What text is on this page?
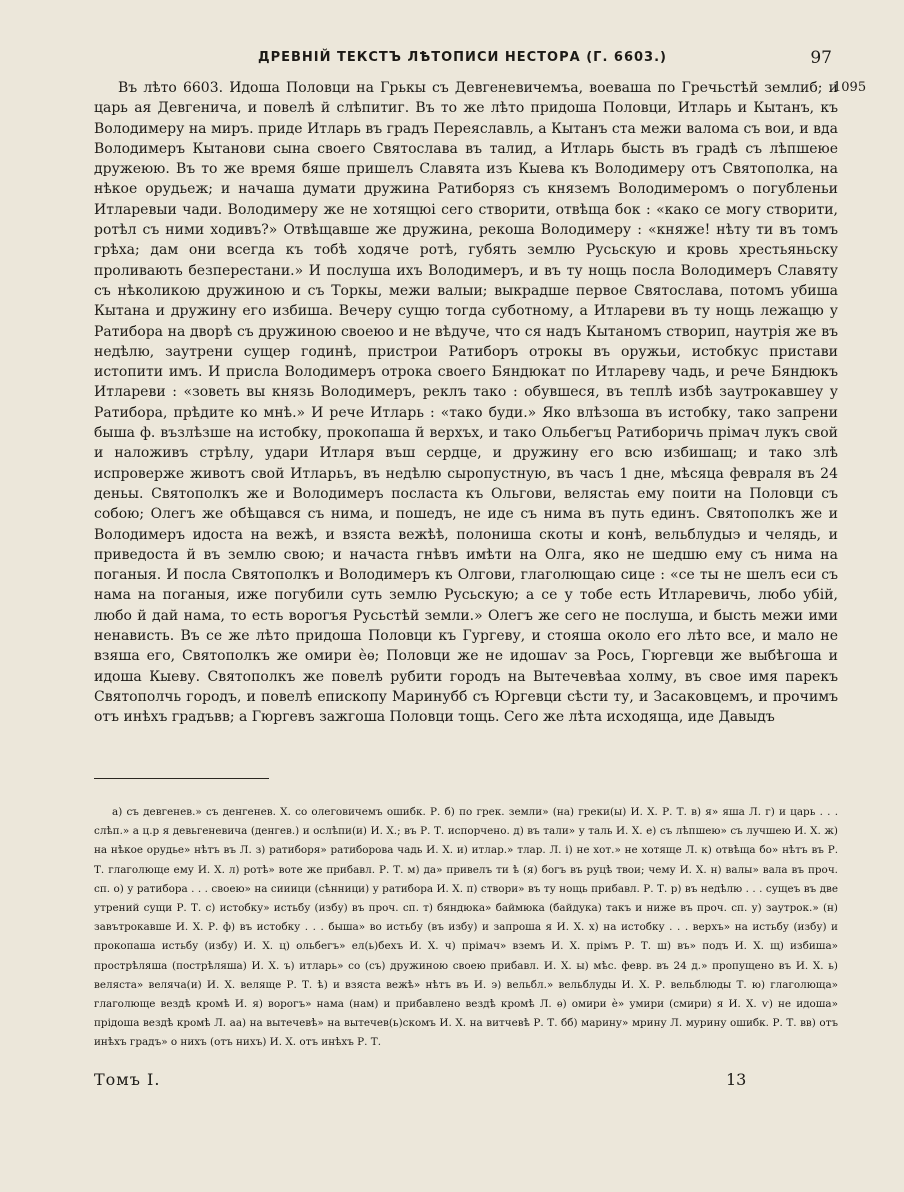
ДРЕВНІЙ ТЕКСТЪ ЛѢТОПИСИ НЕСТОРА (Г. 6603.)	97
1095

Въ лѣто 6603. Идоша Половци на Грькы съ Девгеневичемъа, воеваша по Гречьстѣй землиб; и царь ая Девгенича, и повелѣ й слѣпитиг. Въ то же лѣто придоша Половци, Итларь и Кытанъ, къ Володимеру на миръ. приде Итларь въ градъ Переяславль, а Кытанъ ста межи валома съ вои, и вда Володимеръ Кытанови сына своего Святослава въ талид, а Итларь бысть въ градѣ съ лѣпшеюе дружеюю. Въ то же время бяше пришелъ Славята изъ Кыева къ Володимеру отъ Святополка, на нѣкое орудьеж; и начаша думати дружина Ратиборяз съ княземъ Володимеромъ о погубленьи Итларевыи чади. Володимеру же не хотящюі сего створити, отвѣща бок : «како се могу створити, ротѣл съ ними ходивъ?» Отвѣщавше же дружина, рекоша Володимеру : «княже! нѣту ти въ томъ грѣха; дам они всегда къ тобѣ ходяче ротѣ, губять землю Русьскую и кровь хрестьяньску проливають безперестани.» И послуша ихъ Володимеръ, и въ ту нощь посла Володимеръ Славяту съ нѣколикою дружиною и съ Торкы, межи валыи; выкрадше первое Святослава, потомъ убиша Кытана и дружину его избиша. Вечеру сущю тогда суботному, а Итлареви въ ту нощь лежащю у Ратибора на дворѣ съ дружиною своеюо и не вѣдуче, что ся надъ Кытаномъ створип, наутрія же въ недѣлю, заутрени сущер годинѣ, пристрои Ратиборъ отрокы въ оружьи, истобкус пристави истопити имъ. И присла Володимеръ отрока своего Бяндюкат по Итлареву чадь, и рече Бяндюкъ Итлареви : «зоветь вы князь Володимеръ, реклъ тако : обувшеся, въ теплѣ избѣ заутрокавшеу у Ратибора, прѣдите ко мнѣ.» И рече Итларь : «тако буди.» Яко влѣзоша въ истобку, тако запрени быша ф. възлѣзше на истобку, прокопаша й верхъх, и тако Ольбегъц Ратиборичь прімач лукъ свой и наложивъ стрѣлу, удари Итларя въш сердце, и дружину его всю избишащ; и тако злѣ испроверже животъ свой Итларьъ, въ недѣлю сыропустную, въ часъ 1 дне, мѣсяца февраля въ 24 деньы. Святополкъ же и Володимеръ посласта къ Ольгови, велястаь ему поити на Половци съ собою; Олегъ же обѣщався съ нима, и пошедъ, не иде съ нима въ путь единъ. Святополкъ же и Володимеръ идоста на вежѣ, и взяста вежѣѣ, полониша скоты и конѣ, вельблудыэ и челядь, и приведоста й въ землю свою; и начаста гнѣвъ имѣти на Олга, яко не шедшю ему съ нима на поганыя. И посла Святополкъ и Володимеръ къ Олгови, глаголющаю сице : «се ты не шелъ еси съ нама на поганыя, иже погубили суть землю Русьскую; а се у тобе есть Итларевичь, любо убій, любо й дай нама, то есть ворогъя Русьстѣй земли.» Олегъ же сего не послуша, и бысть межи ими ненависть. Въ се же лѣто придоша Половци къ Гургеву, и стояша около его лѣто все, и мало не взяша его, Святополкъ же омири ѐѳ; Половци же не идошаѵ за Рось, Гюргевци же выбѣгоша и идоша Кыеву. Святополкъ же повелѣ рубити городъ на Вытечевѣаа холму, въ свое имя парекъ Святополчь городъ, и повелѣ епископу Маринубб съ Юргевци сѣсти ту, и Засаковцемъ, и прочимъ отъ инѣхъ градъвв; а Гюргевъ зажгоша Половци тощь. Сего же лѣта исходяща, иде Давыдъ

а) съ девгенев.» съ денгенев. Х. со олеговичемъ ошибк. Р. б) по грек. земли» (на) греки(ы) И. Х. Р. Т. в) я» яша Л. г) и царь . . . слѣп.» а ц.р я девьгеневича (денгев.) и ослѣпи(и) И. Х.; въ Р. Т. испорчено. д) въ тали» у таль И. Х. е) съ лѣпшею» съ лучшею И. Х. ж) на нѣкое орудье» нѣтъ въ Л. з) ратиборя» ратиборова чадь И. Х. и) итлар.» тлар. Л. і) не хот.» не хотяще Л. к) отвѣща бо» нѣтъ въ Р. Т. глаголюще ему И. Х. л) ротѣ» воте же прибавл. Р. Т. м) да» привелъ ти ѣ (я) богъ въ руцѣ твои; чему И. Х. н) валы» вала въ проч. сп. о) у ратибора . . . своею» на сииици (сѣнници) у ратибора И. Х. п) створи» въ ту нощь прибавл. Р. Т. р) въ недѣлю . . . сущеъ въ две утрений сущи Р. Т. с) истобку» истьбу (избу) въ проч. сп. т) бяндюка» баймюка (байдука) такъ и ниже въ проч. сп. у) заутрок.» (н) завътрокавше И. Х. Р. ф) въ истобку . . . быша» во истьбу (въ избу) и запроша я И. Х. х) на истобку . . . верхъ» на истьбу (избу) и прокопаша истьбу (избу) И. Х. ц) ольбегъ» ел(ь)бехъ И. Х. ч) прімач» вземъ И. Х. прімъ Р. Т. ш) въ» подъ И. Х. щ) избиша» прострѣляша (пострѣляша) И. Х. ъ) итларь» со (съ) дружиною своею прибавл. И. Х. ы) мѣс. февр. въ 24 д.» пропущено въ И. Х. ь) веляста» веляча(и) И. Х. веляще Р. Т. ѣ) и взяста вежѣ» нѣтъ въ И. э) вельбл.» вельблуды И. Х. Р. вельблюды Т. ю) глаголюща» глаголюще вездѣ кромѣ И. я) ворогъ» нама (нам) и прибавлено вездѣ кромѣ Л. ѳ) омири ѐ» умири (смири) я И. Х. ѵ) не идоша» прідоша вездѣ кромѣ Л. аа) на вытечевѣ» на вытечев(ь)скомъ И. Х. на витчевѣ Р. Т. бб) марину» мрину Л. мурину ошибк. Р. Т. вв) отъ инѣхъ градъ» о нихъ (отъ нихъ) И. Х. отъ инѣхъ Р. Т.

Томъ I.	13
